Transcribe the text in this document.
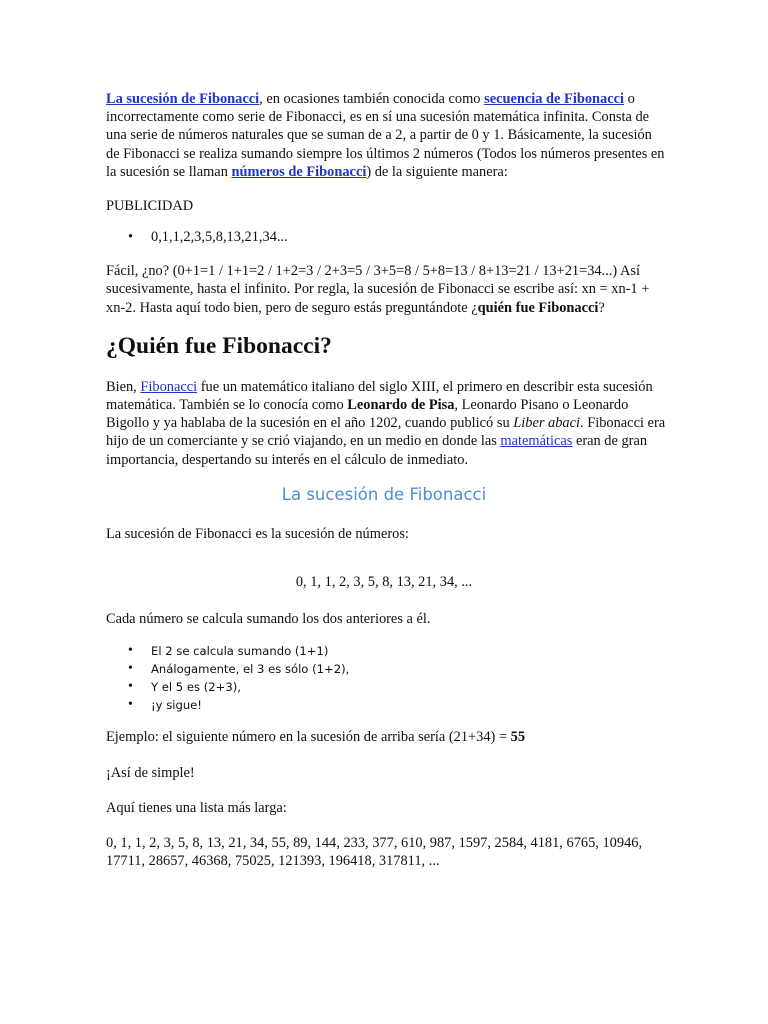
La sucesión de Fibonacci, en ocasiones también conocida como secuencia de Fibonacci o incorrectamente como serie de Fibonacci, es en sí una sucesión matemática infinita. Consta de una serie de números naturales que se suman de a 2, a partir de 0 y 1. Básicamente, la sucesión de Fibonacci se realiza sumando siempre los últimos 2 números (Todos los números presentes en la sucesión se llaman números de Fibonacci) de la siguiente manera:

PUBLICIDAD

• 0,1,1,2,3,5,8,13,21,34...

Fácil, ¿no? (0+1=1 / 1+1=2 / 1+2=3 / 2+3=5 / 3+5=8 / 5+8=13 / 8+13=21 / 13+21=34...) Así sucesivamente, hasta el infinito. Por regla, la sucesión de Fibonacci se escribe así: xn = xn-1 + xn-2. Hasta aquí todo bien, pero de seguro estás preguntándote ¿quién fue Fibonacci?

¿Quién fue Fibonacci?

Bien, Fibonacci fue un matemático italiano del siglo XIII, el primero en describir esta sucesión matemática. También se lo conocía como Leonardo de Pisa, Leonardo Pisano o Leonardo Bigollo y ya hablaba de la sucesión en el año 1202, cuando publicó su Liber abaci. Fibonacci era hijo de un comerciante y se crió viajando, en un medio en donde las matemáticas eran de gran importancia, despertando su interés en el cálculo de inmediato.

La sucesión de Fibonacci

La sucesión de Fibonacci es la sucesión de números:

0, 1, 1, 2, 3, 5, 8, 13, 21, 34, ...

Cada número se calcula sumando los dos anteriores a él.

• El 2 se calcula sumando (1+1)
• Análogamente, el 3 es sólo (1+2),
• Y el 5 es (2+3),
• ¡y sigue!

Ejemplo: el siguiente número en la sucesión de arriba sería (21+34) = 55

¡Así de simple!

Aquí tienes una lista más larga:

0, 1, 1, 2, 3, 5, 8, 13, 21, 34, 55, 89, 144, 233, 377, 610, 987, 1597, 2584, 4181, 6765, 10946, 17711, 28657, 46368, 75025, 121393, 196418, 317811, ...
